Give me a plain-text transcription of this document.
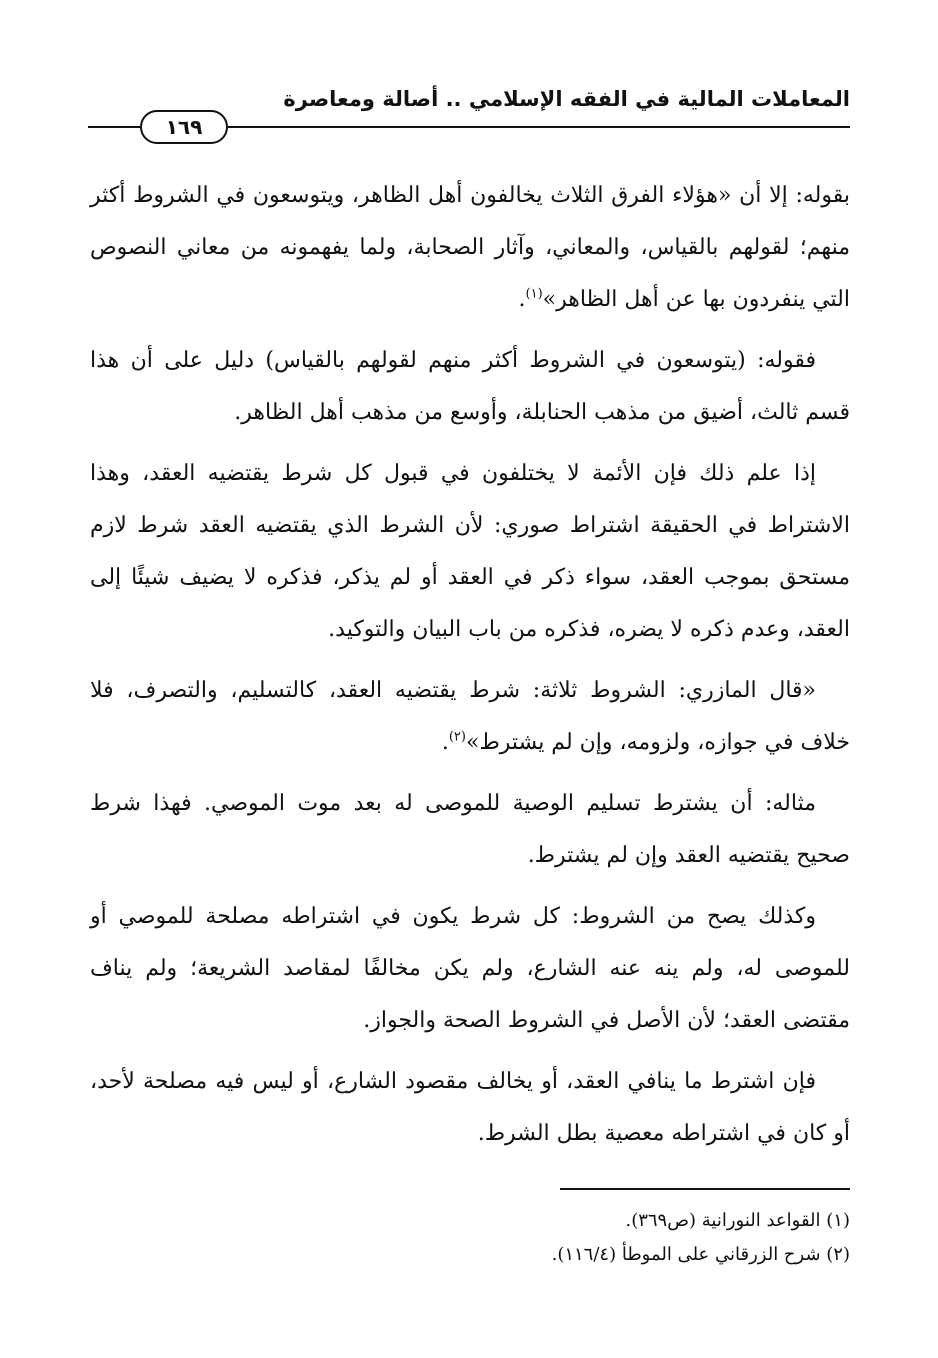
المعاملات المالية في الفقه الإسلامي .. أصالة ومعاصرة
١٦٩

بقوله: إلا أن «هؤلاء الفرق الثلاث يخالفون أهل الظاهر، ويتوسعون في الشروط أكثر منهم؛ لقولهم بالقياس، والمعاني، وآثار الصحابة، ولما يفهمونه من معاني النصوص التي ينفردون بها عن أهل الظاهر»$^{(١)}$.

فقوله: (يتوسعون في الشروط أكثر منهم لقولهم بالقياس) دليل على أن هذا قسم ثالث، أضيق من مذهب الحنابلة، وأوسع من مذهب أهل الظاهر.

إذا علم ذلك فإن الأئمة لا يختلفون في قبول كل شرط يقتضيه العقد، وهذا الاشتراط في الحقيقة اشتراط صوري: لأن الشرط الذي يقتضيه العقد شرط لازم مستحق بموجب العقد، سواء ذكر في العقد أو لم يذكر، فذكره لا يضيف شيئًا إلى العقد، وعدم ذكره لا يضره، فذكره من باب البيان والتوكيد.

«قال المازري: الشروط ثلاثة: شرط يقتضيه العقد، كالتسليم، والتصرف، فلا خلاف في جوازه، ولزومه، وإن لم يشترط»$^{(٢)}$.

مثاله: أن يشترط تسليم الوصية للموصى له بعد موت الموصي. فهذا شرط صحيح يقتضيه العقد وإن لم يشترط.

وكذلك يصح من الشروط: كل شرط يكون في اشتراطه مصلحة للموصي أو للموصى له، ولم ينه عنه الشارع، ولم يكن مخالفًا لمقاصد الشريعة؛ ولم يناف مقتضى العقد؛ لأن الأصل في الشروط الصحة والجواز.

فإن اشترط ما ينافي العقد، أو يخالف مقصود الشارع، أو ليس فيه مصلحة لأحد، أو كان في اشتراطه معصية بطل الشرط.

(١) القواعد النورانية (ص٣٦٩).
(٢) شرح الزرقاني على الموطأ (١١٦/٤).
